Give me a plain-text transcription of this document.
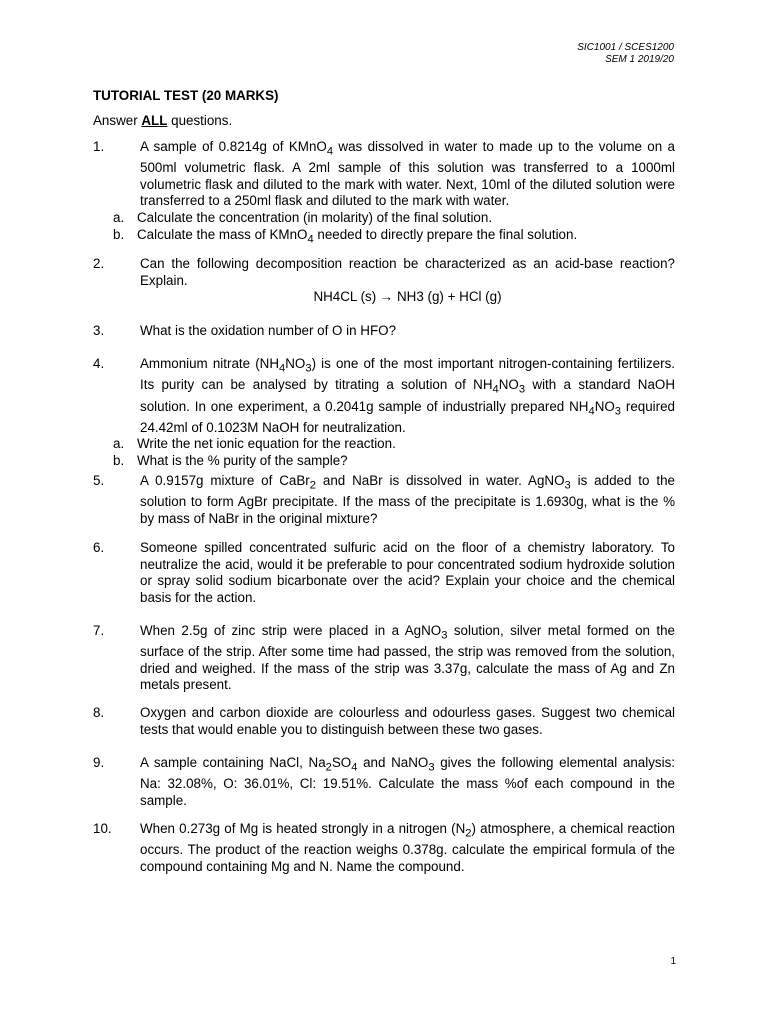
SIC1001 / SCES1200
SEM 1 2019/20
TUTORIAL TEST (20 MARKS)
Answer ALL questions.
1.	A sample of 0.8214g of KMnO$_4$ was dissolved in water to made up to the volume on a 500ml volumetric flask. A 2ml sample of this solution was transferred to a 1000ml volumetric flask and diluted to the mark with water. Next, 10ml of the diluted solution were transferred to a 250ml flask and diluted to the mark with water.
a. Calculate the concentration (in molarity) of the final solution.
b. Calculate the mass of KMnO$_4$ needed to directly prepare the final solution.
2.	Can the following decomposition reaction be characterized as an acid-base reaction? Explain.
NH4CL (s) → NH3 (g) + HCl (g)
3.	What is the oxidation number of O in HFO?
4.	Ammonium nitrate $(NH_4NO_3)$ is one of the most important nitrogen-containing fertilizers. Its purity can be analysed by titrating a solution of $NH_4NO_3$ with a standard NaOH solution. In one experiment, a 0.2041g sample of industrially prepared $NH_4NO_3$ required 24.42ml of 0.1023M NaOH for neutralization.
a. Write the net ionic equation for the reaction.
b. What is the % purity of the sample?
5.	A 0.9157g mixture of CaBr$_2$ and NaBr is dissolved in water. AgNO$_3$ is added to the solution to form AgBr precipitate. If the mass of the precipitate is 1.6930g, what is the % by mass of NaBr in the original mixture?
6.	Someone spilled concentrated sulfuric acid on the floor of a chemistry laboratory. To neutralize the acid, would it be preferable to pour concentrated sodium hydroxide solution or spray solid sodium bicarbonate over the acid? Explain your choice and the chemical basis for the action.
7.	When 2.5g of zinc strip were placed in a AgNO$_3$ solution, silver metal formed on the surface of the strip. After some time had passed, the strip was removed from the solution, dried and weighed. If the mass of the strip was 3.37g, calculate the mass of Ag and Zn metals present.
8.	Oxygen and carbon dioxide are colourless and odourless gases. Suggest two chemical tests that would enable you to distinguish between these two gases.
9.	A sample containing NaCl, $Na_2SO_4$ and NaNO$_3$ gives the following elemental analysis: Na: 32.08%, O: 36.01%, Cl: 19.51%. Calculate the mass %of each compound in the sample.
10. When 0.273g of Mg is heated strongly in a nitrogen $(N_2)$ atmosphere, a chemical reaction occurs. The product of the reaction weighs 0.378g. calculate the empirical formula of the compound containing Mg and N. Name the compound.
1
